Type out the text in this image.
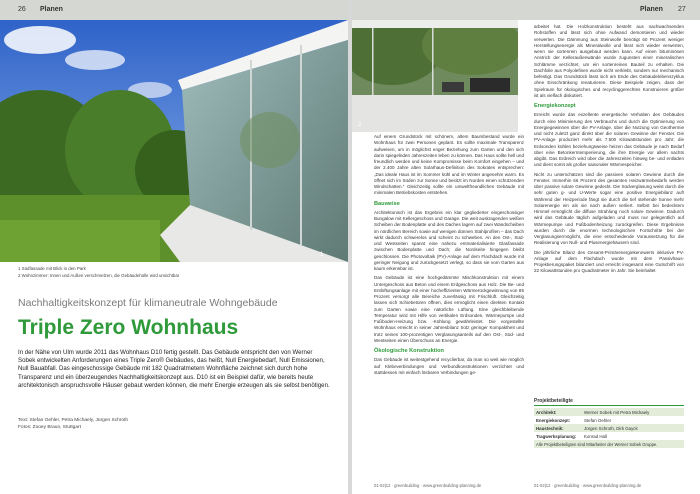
26 Planen
1
1 Südfassade mit Blick in den Park
2 Wohnzimmer: Innen und Außen verschmelzen, die Gebäudehülle wird unsichtbar
Nachhaltigkeitskonzept für klimaneutrale Wohngebäude
Triple Zero Wohnhaus
In der Nähe von Ulm wurde 2011 das Wohnhaus D10 fertig gestellt. Das Gebäude entspricht den von Werner Sobek entwickelten Anforderungen eines Triple Zero® Gebäudes, das heißt, Null Energiebedarf, Null Emissionen, Null Bauabfall. Das eingeschossige Gebäude mit 182 Quadratmetern Wohnfläche zeichnet sich durch hohe Transparenz und ein überzeugendes Nachhaltigkeitskonzept aus. D10 ist ein Beispiel dafür, wie bereits heute architektonisch anspruchsvolle Häuser gebaut werden können, die mehr Energie erzeugen als sie selbst benötigen.
Text: Stefan Oehler, Petra Michaely, Jürgen Schroth
Fotos: Zooey Braun, Stuttgart
Planen 27
2

Auf einem Grundstück mit schönem, altem Baumbestand wurde ein Wohnhaus für zwei Personen geplant. Es sollte maximale Transparenz aufweisen, um in möglichst enger Beziehung zum Garten und den sich darin spiegelnden Jahreszeiten leben zu können. Das Haus sollte hell und freundlich werden und keine Kompromisse beim Komfort eingehen – und der 2.400 Jahre alten Solarhaus-Definition des Sokrates entsprechen: „Das ideale Haus ist im Sommer kühl und im Winter angenehm warm. Es öffnet sich im Süden zur Sonne und besitzt im Norden einen schützenden Windschatten.“ Gleichzeitig sollte ein umweltfreundliches Gebäude mit minimalen Betriebskosten entstehen.

Bauweise

Architektonisch ist das Ergebnis ein klar gegliederter eingeschossiger Bungalow mit Kellergeschoss und Garage. Die weit auskragenden weißen Scheiben der Bodenplatte und des Daches lagern auf zwei Wandscheiben im nördlichen Bereich sowie auf wenigen dünnen Stahlprofilen – das Dach wirkt dadurch schwerelos und scheint zu schweben. An den Ost-, Süd- und Westseiten spannt eine nahezu entmaterialisierte Glasfassade zwischen Bodenplatte und Dach; die Nordseite hingegen bleibt geschlossen. Die Photovoltaik (PV)-Anlage auf dem Flachdach wurde mit geringer Neigung und zurückgesetzt verlegt, so dass sie vom Garten aus kaum erkennbar ist.

Das Gebäude ist eine hochgedämmte Mischkonstruktion mit einem Untergeschoss aus Beton und einem Erdgeschoss aus Holz. Die Be- und Entlüftungsanlage mit einer hocheffizienten Wärmerückgewinnung von 85 Prozent versorgt alle Bereiche zuverlässig mit Frischluft. Gleichzeitig lassen sich Schiebetüren öffnen, dies ermöglicht einen direkten Kontakt zum Garten sowie eine natürliche Lüftung. Eine gleichbleibende Temperatur wird mit Hilfe von vertikalen Erdsonden, Wärmepumpe und Fußboden-Heizung bzw. -Kühlung gewährleistet. Die vorgestellte Wohnhaus erreicht in seiner Jahresbilanz trotz geringer Kompaktheit und trotz seines 100-prozentigen Verglasungsanteils auf den Ost-, Süd- und Westseiten einen Überschuss an Energie.

Ökologische Konstruktion

Das Gebäude ist weitestgehend recyclierbar, da man so weit wie möglich auf Klebeverbindungen und Verbundkonstruktionen verzichtet und stattdessen mit einfach lösbaren Verbindungen ge-

arbeitet hat. Die Holzkonstruktion besteht aus nachwachsenden Rohstoffen und lässt sich ohne Aufwand demontieren und wieder verwerten. Die Dämmung aus Steinwolle benötigt 60 Prozent weniger Herstellungsenergie als Mineralwolle und lässt sich wieder verwerten, wenn sie sortenrein ausgebaut werden kann. Auf einen bituminösen Anstrich der Kelleraußenwände wurde zugunsten einer mineralischen Schlämme verzichtet, um ein sortenreines Bauteil zu erhalten. Die Dachfolie aus Polyolefinen wurde nicht verklebt, sondern nur mechanisch befestigt. Das Grundstück lässt sich am Ende des Gebäudelebenszyklus ohne Einschränkung renaturieren. Diese Beispiele zeigen, dass der Spielraum für ökologisches und recyclinggerechtes Konstruieren größer ist als vielfach diskutiert.

Energiekonzept

Erreicht wurde das exzellente energetische Verhalten des Gebäudes durch eine Minimierung des Verbrauchs und durch die Optimierung von Energiegewinnen über die PV-Anlage, über die Nutzung von Geothermie und nicht zuletzt ganz direkt über die solaren Gewinne der Fenster. Die PV-Anlage produziert mehr als 7.500 Kilowattstunden pro Jahr; die Erdsonden kühlen beziehungsweise heizen das Gebäude je nach Bedarf über eine Betonkerntemperierung, die ihre Energie vor allem nachts abgibt. Das Erdreich wird über die Jahreszeiten hinweg be- und entladen und dient somit als großer saisonaler Wärmespeicher.

Nicht zu unterschätzen sind die passiven solaren Gewinne durch die Fenster. Immerhin 66 Prozent des gesamten Heizwärmebedarfs werden über passive solare Gewinne gedeckt. Die Südverglasung weist durch die sehr guten g- und U-Werte sogar eine positive Energiebilanz auf! Während der Heizperiode fängt sie durch die tief stehende Sonne mehr Solarenergie ein als sie nach außen verliert. Selbst bei bedecktem Himmel ermöglicht die diffuse Strahlung noch solare Gewinne. Dadurch wird das Gebäude täglich aufgeladen und muss nur gelegentlich auf Wärmepumpe und Fußbodenheizung zurückgreifen. Diese Ergebnisse wurden durch die enormen technologischen Fortschritte bei der Verglasungsermöglicht, die eine entscheidende Voraussetzung für die Realisierung von Null- und Plusenergiehäusern sind.

Die jährliche Bilanz des Gesamt-Primärenergiekennwerts inklusive PV-Anlage auf dem Flachdach wurde mit dem Passivhaus-Projektierungspaket bilanziert und erreicht insgesamt eine Gutschrift von 22 Kilowattstunden pro Quadratmeter im Jahr. Sie beinhaltet

Projektbeteiligte
Architekt:	Werner Sobek mit Petra Michaely
Energiekonzept:	Stefan Oehler
Haustechnik:	Jürgen Schroth, Dirk Gayck
Tragwerksplanung:	Konrad Hall
Alle Projektbeteiligten sind Mitarbeiter der Werner Sobek Gruppe.
01-02|12 · greenbuilding · www.greenbuilding-planning.de	01-02|12 · greenbuilding · www.greenbuilding-planning.de
